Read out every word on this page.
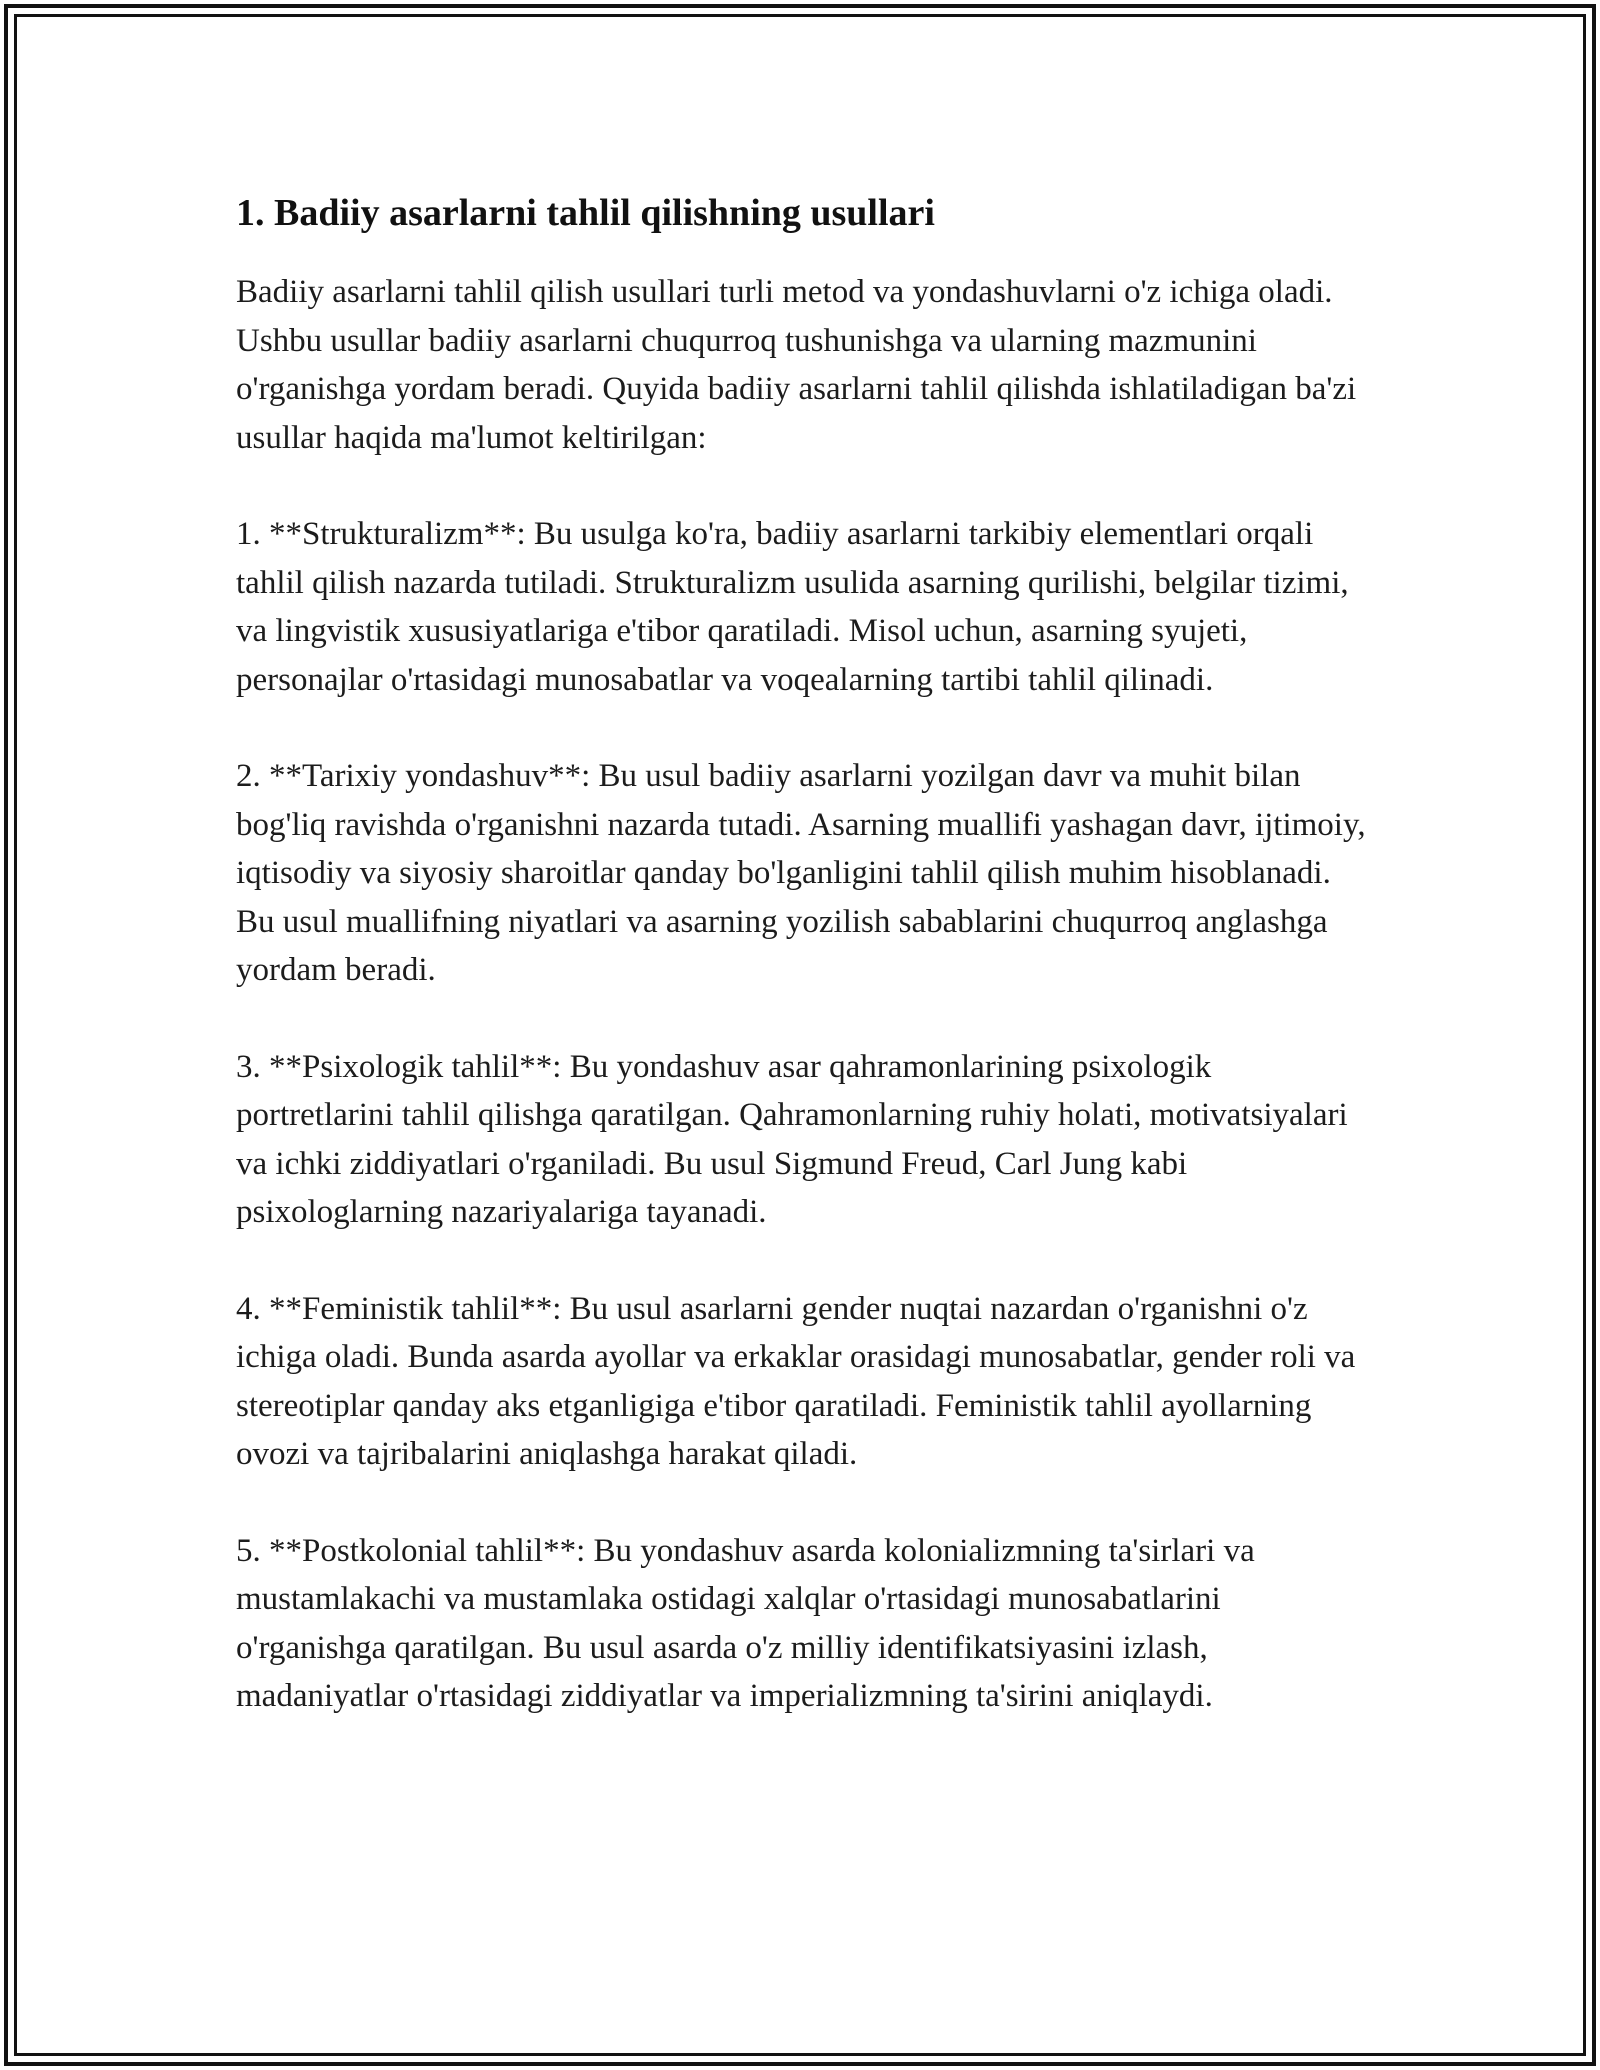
1. Badiiy asarlarni tahlil qilishning usullari

Badiiy asarlarni tahlil qilish usullari turli metod va yondashuvlarni o'z ichiga oladi. Ushbu usullar badiiy asarlarni chuqurroq tushunishga va ularning mazmunini o'rganishga yordam beradi. Quyida badiiy asarlarni tahlil qilishda ishlatiladigan ba'zi usullar haqida ma'lumot keltirilgan:

1. **Strukturalizm**: Bu usulga ko'ra, badiiy asarlarni tarkibiy elementlari orqali tahlil qilish nazarda tutiladi. Strukturalizm usulida asarning qurilishi, belgilar tizimi, va lingvistik xususiyatlariga e'tibor qaratiladi. Misol uchun, asarning syujeti, personajlar o'rtasidagi munosabatlar va voqealarning tartibi tahlil qilinadi.

2. **Tarixiy yondashuv**: Bu usul badiiy asarlarni yozilgan davr va muhit bilan bog'liq ravishda o'rganishni nazarda tutadi. Asarning muallifi yashagan davr, ijtimoiy, iqtisodiy va siyosiy sharoitlar qanday bo'lganligini tahlil qilish muhim hisoblanadi. Bu usul muallifning niyatlari va asarning yozilish sabablarini chuqurroq anglashga yordam beradi.

3. **Psixologik tahlil**: Bu yondashuv asar qahramonlarining psixologik portretlarini tahlil qilishga qaratilgan. Qahramonlarning ruhiy holati, motivatsiyalari va ichki ziddiyatlari o'rganiladi. Bu usul Sigmund Freud, Carl Jung kabi psixologlarning nazariyalariga tayanadi.

4. **Feministik tahlil**: Bu usul asarlarni gender nuqtai nazardan o'rganishni o'z ichiga oladi. Bunda asarda ayollar va erkaklar orasidagi munosabatlar, gender roli va stereotiplar qanday aks etganligiga e'tibor qaratiladi. Feministik tahlil ayollarning ovozi va tajribalarini aniqlashga harakat qiladi.

5. **Postkolonial tahlil**: Bu yondashuv asarda kolonializmning ta'sirlari va mustamlakachi va mustamlaka ostidagi xalqlar o'rtasidagi munosabatlarini o'rganishga qaratilgan. Bu usul asarda o'z milliy identifikatsiyasini izlash, madaniyatlar o'rtasidagi ziddiyatlar va imperializmning ta'sirini aniqlaydi.
